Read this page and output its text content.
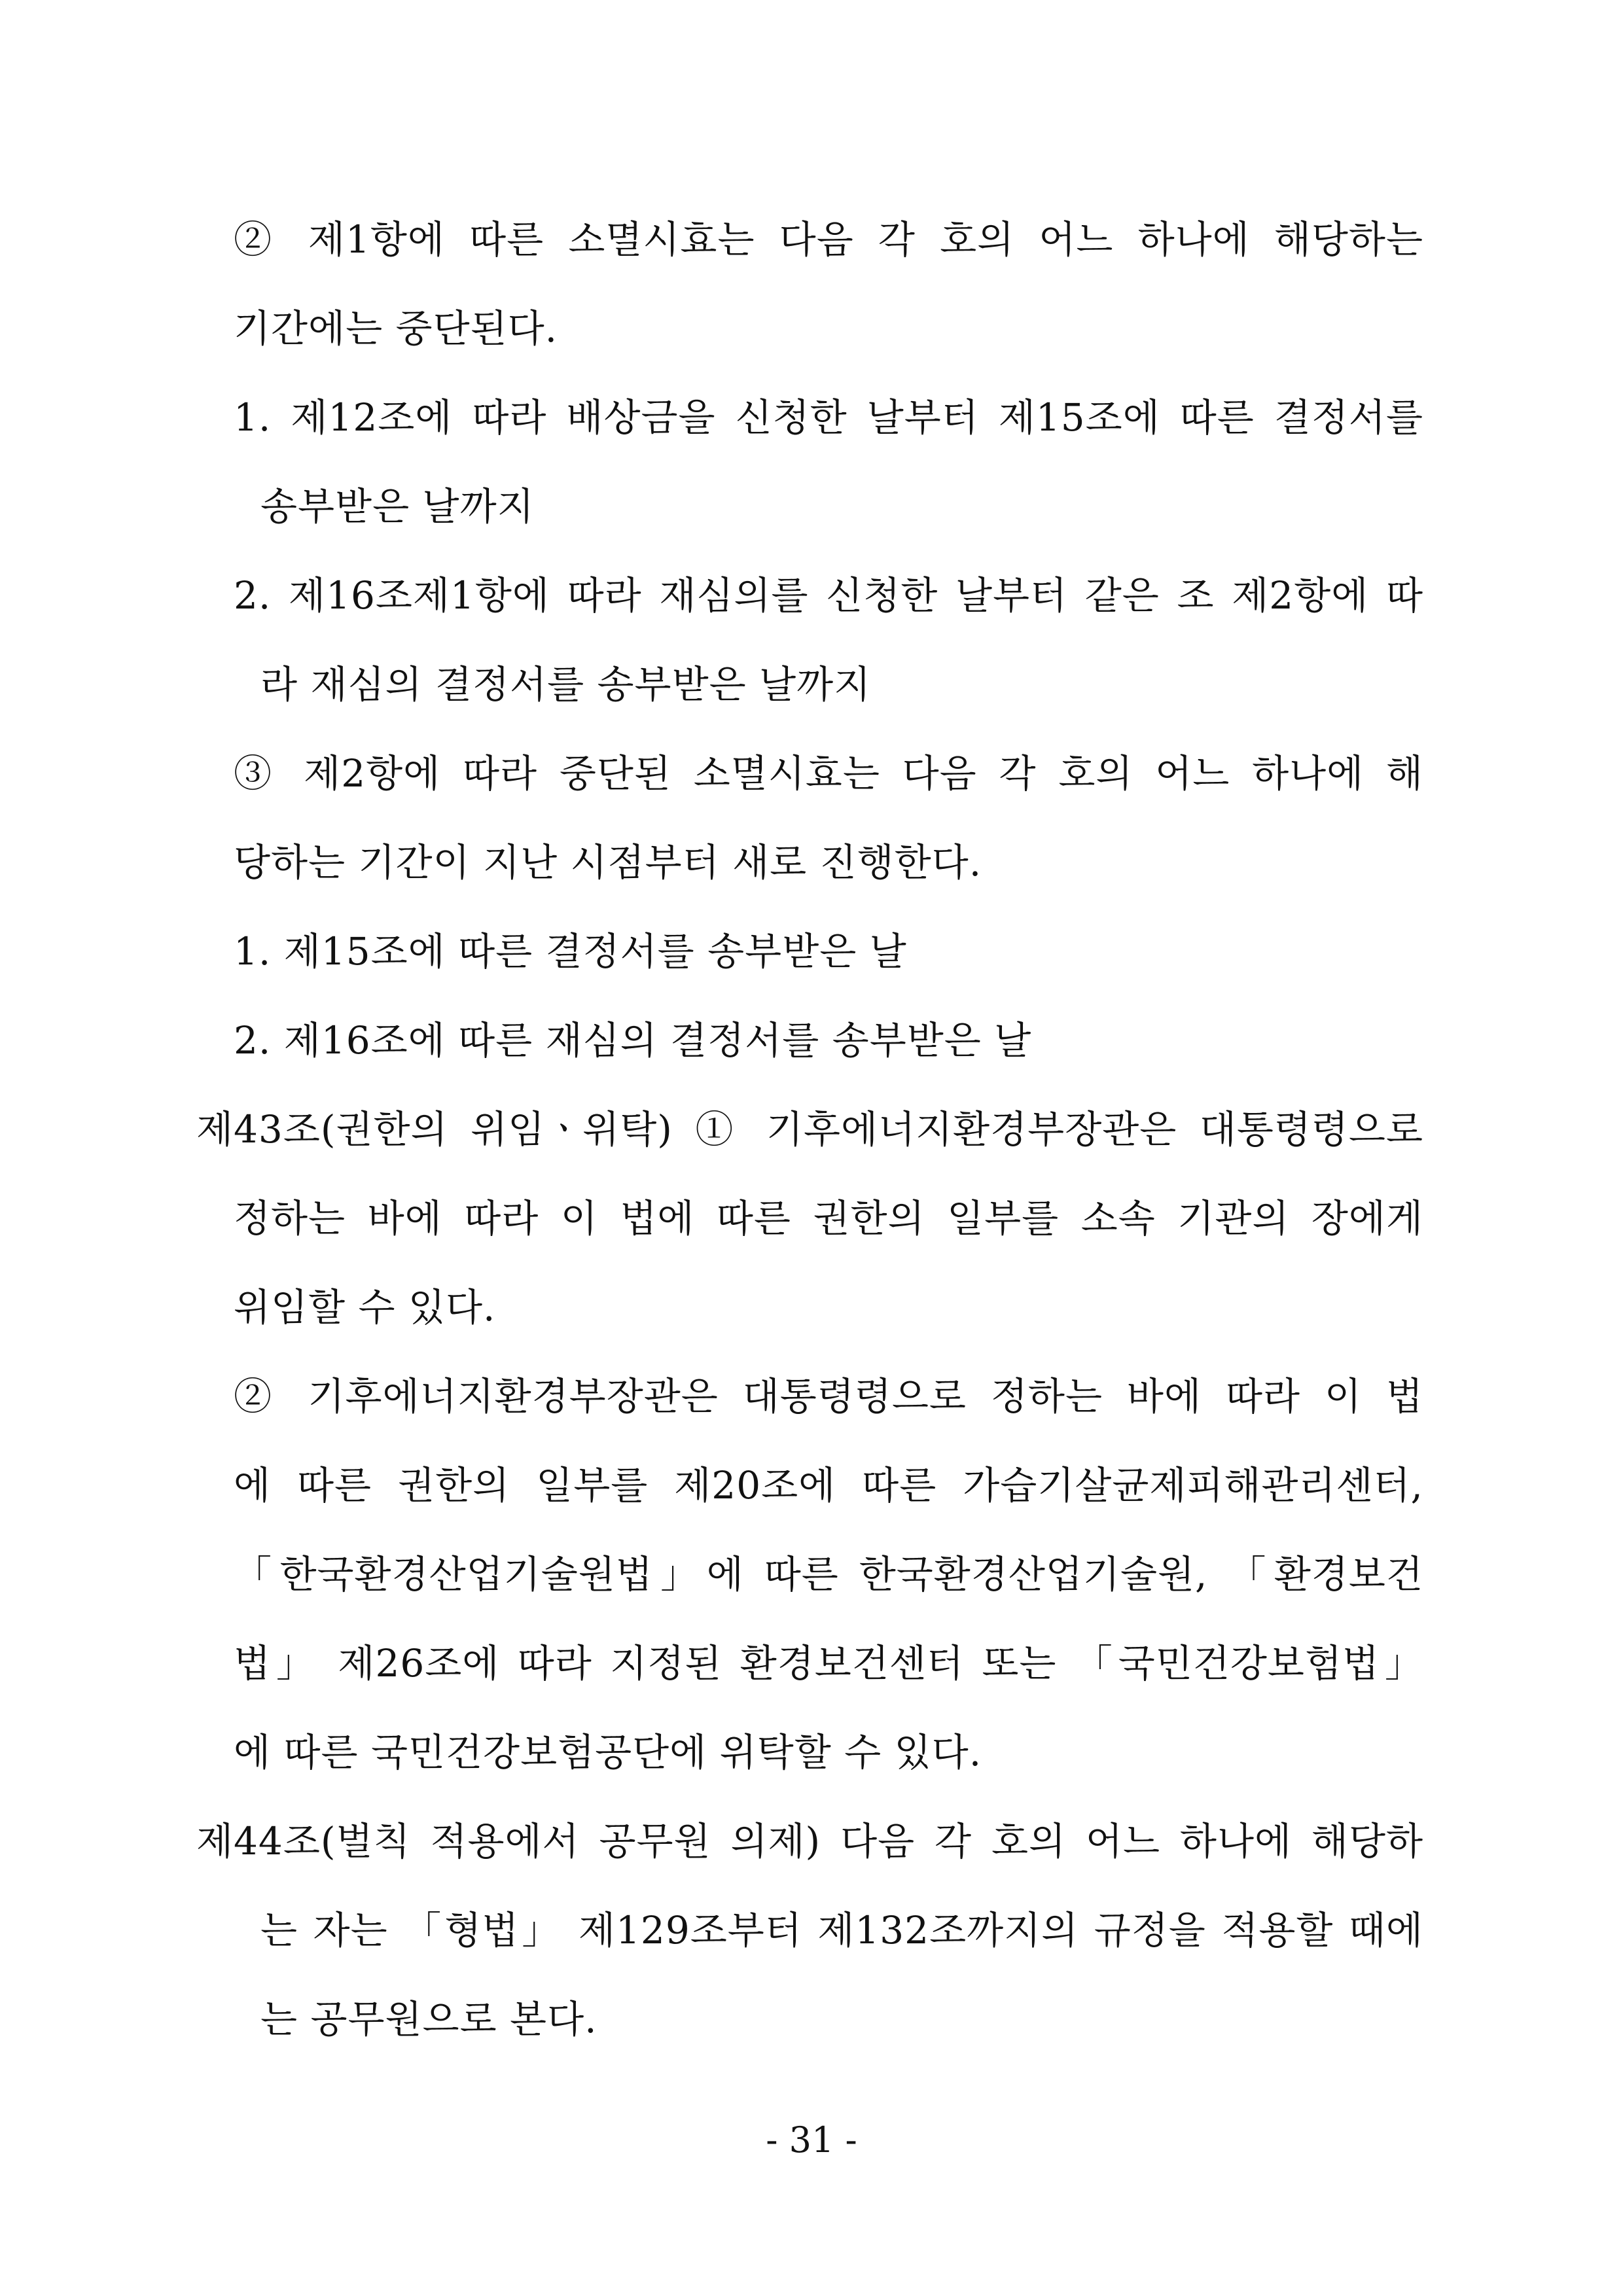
② 제1항에 따른 소멸시효는 다음 각 호의 어느 하나에 해당하는
기간에는 중단된다.
1. 제12조에 따라 배상금을 신청한 날부터 제15조에 따른 결정서를
송부받은 날까지
2. 제16조제1항에 따라 재심의를 신청한 날부터 같은 조 제2항에 따
라 재심의 결정서를 송부받은 날까지
③ 제2항에 따라 중단된 소멸시효는 다음 각 호의 어느 하나에 해
당하는 기간이 지난 시점부터 새로 진행한다.
1. 제15조에 따른 결정서를 송부받은 날
2. 제16조에 따른 재심의 결정서를 송부받은 날
제43조(권한의 위임ㆍ위탁) ① 기후에너지환경부장관은 대통령령으로
정하는 바에 따라 이 법에 따른 권한의 일부를 소속 기관의 장에게
위임할 수 있다.
② 기후에너지환경부장관은 대통령령으로 정하는 바에 따라 이 법
에 따른 권한의 일부를 제20조에 따른 가습기살균제피해관리센터,
「한국환경산업기술원법」에 따른 한국환경산업기술원, 「환경보건
법」 제26조에 따라 지정된 환경보건센터 또는 「국민건강보험법」
에 따른 국민건강보험공단에 위탁할 수 있다.
제44조(벌칙 적용에서 공무원 의제) 다음 각 호의 어느 하나에 해당하
는 자는 「형법」 제129조부터 제132조까지의 규정을 적용할 때에
는 공무원으로 본다.
- 31 -
